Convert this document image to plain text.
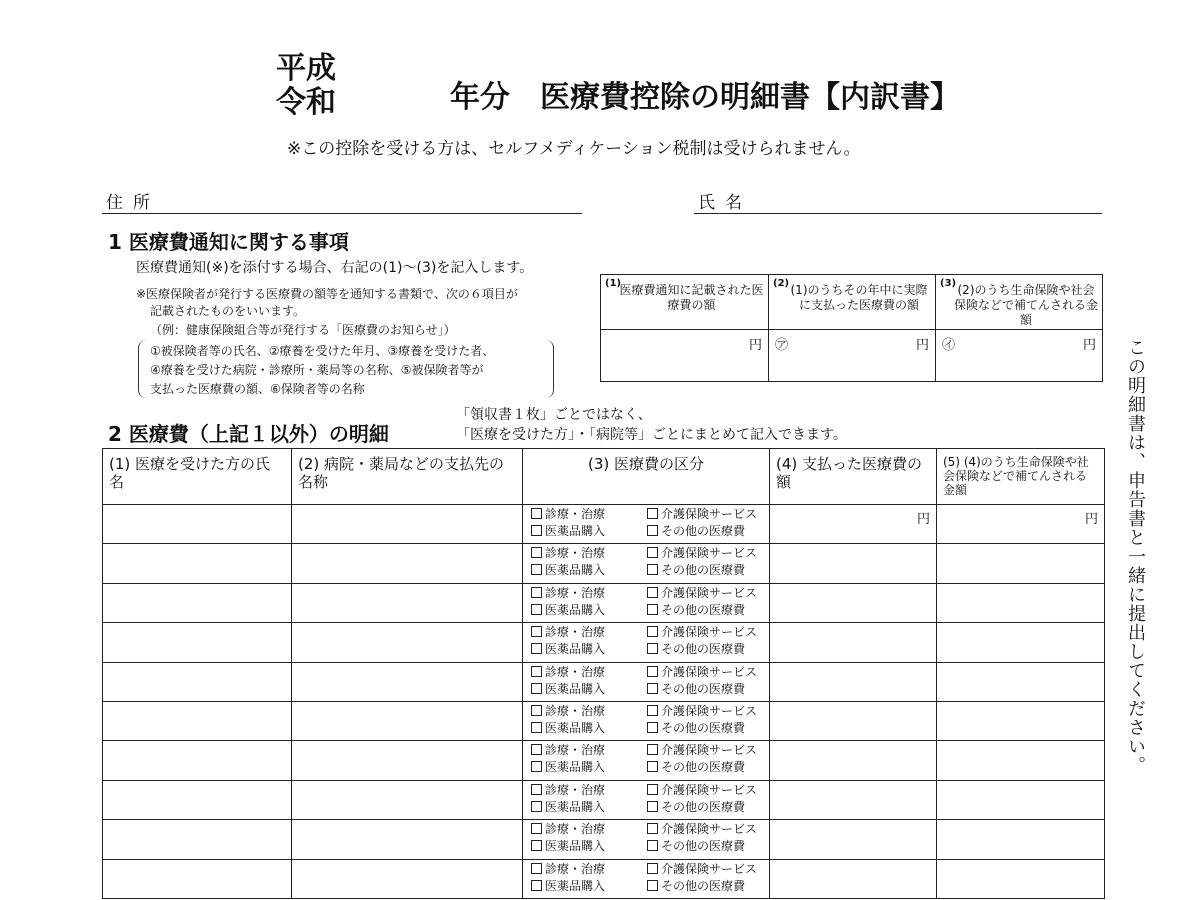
平成
令和	年分 医療費控除の明細書【内訳書】
※この控除を受ける方は、セルフメディケーション税制は受けられません。
住所	氏名
1 医療費通知に関する事項
医療費通知(※)を添付する場合、右記の(1)〜(3)を記入します。
※医療保険者が発行する医療費の額等を通知する書類で、次の６項目が
記載されたものをいいます。
（例：健康保険組合等が発行する「医療費のお知らせ」）
①被保険者等の氏名、②療養を受けた年月、③療養を受けた者、
④療養を受けた病院・診療所・薬局等の名称、⑤被保険者等が
支払った医療費の額、⑥保険者等の名称
(1)
医療費通知に記載された医療費の額
(2) (1)のうちその年中に実際に支払った医療費の額
(3) (2)のうち生命保険や社会保険などで補てんされる金額
円 ㋐	円 ㋑	円
2 医療費（上記１以外）の明細
「領収書１枚」ごとではなく、
「医療を受けた方」・「病院等」ごとにまとめて記入できます。	この明細書は、申告書と一緒に提出してください。
(1) 医療を受けた方の氏名	(2) 病院・薬局などの支払先の名称	(3) 医療費の区分	(4) 支払った医療費の額	(5) (4)のうち生命保険や社会保険などで補てんされる金額

		診療・治療 介護保険サービス
医薬品購入 その他の医療費	円	円

		診療・治療 介護保険サービス
医薬品購入 その他の医療費		

		診療・治療 介護保険サービス
医薬品購入 その他の医療費		

		診療・治療 介護保険サービス
医薬品購入 その他の医療費		

		診療・治療 介護保険サービス
医薬品購入 その他の医療費		

		診療・治療 介護保険サービス
医薬品購入 その他の医療費		

		診療・治療 介護保険サービス
医薬品購入 その他の医療費		

		診療・治療 介護保険サービス
医薬品購入 その他の医療費		

		診療・治療 介護保険サービス
医薬品購入 その他の医療費		

		診療・治療 介護保険サービス
医薬品購入 その他の医療費		
